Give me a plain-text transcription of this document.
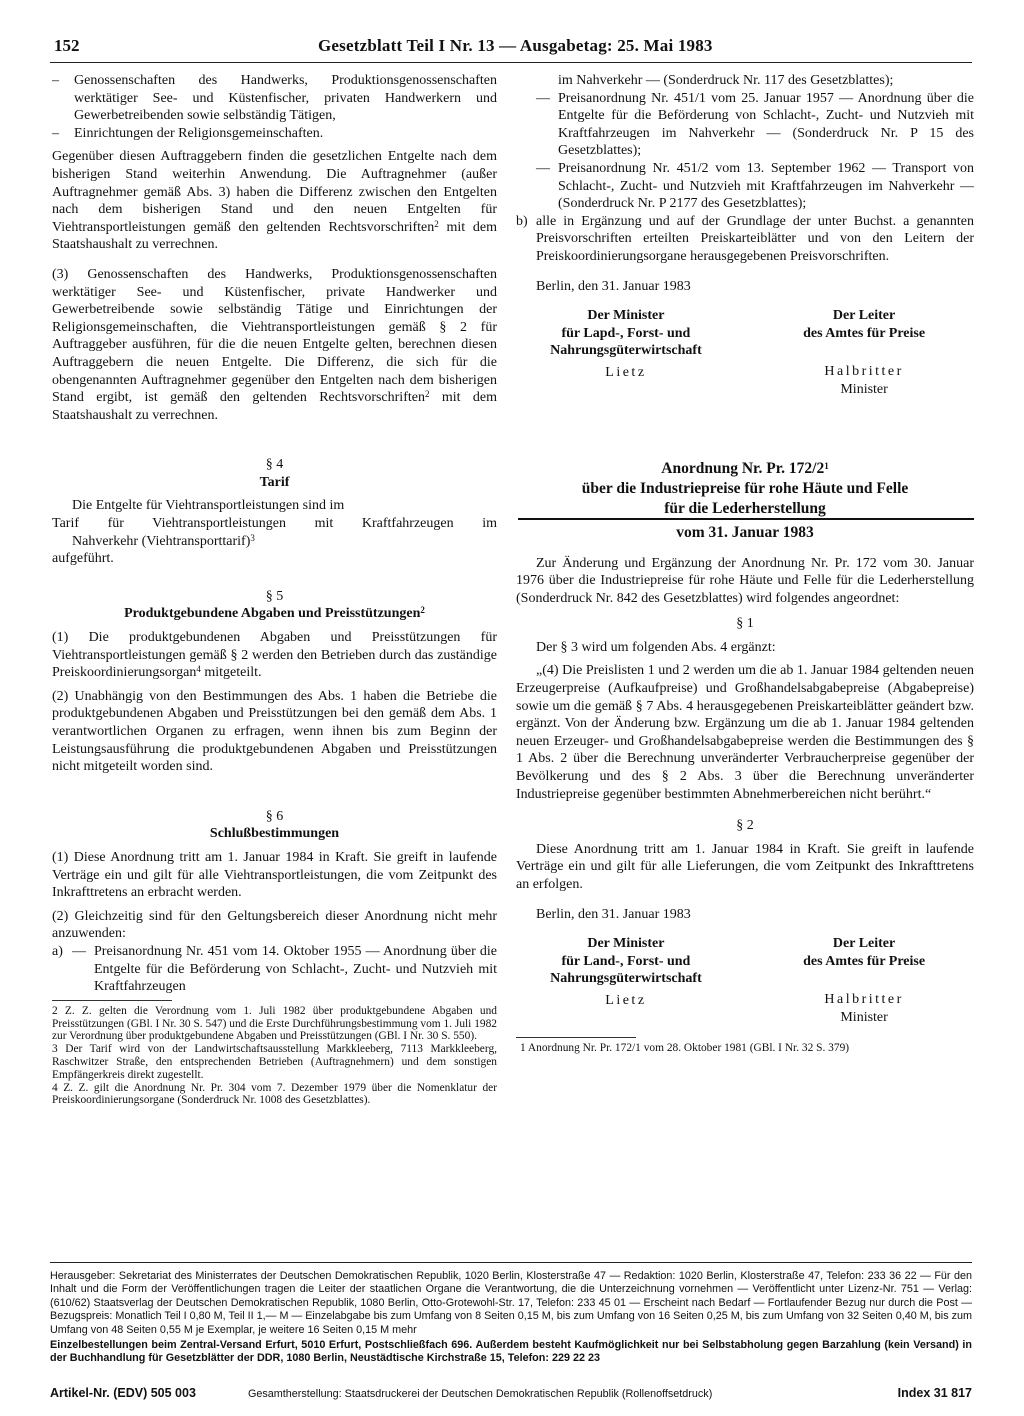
152	Gesetzblatt Teil I Nr. 13 — Ausgabetag: 25. Mai 1983
–	Genossenschaften des Handwerks, Produktionsgenossenschaften werktätiger See- und Küstenfischer, privaten Handwerkern und Gewerbetreibenden sowie selbständig Tätigen,
–	Einrichtungen der Religionsgemeinschaften.

Gegenüber diesen Auftraggebern finden die gesetzlichen Entgelte nach dem bisherigen Stand weiterhin Anwendung. Die Auftragnehmer (außer Auftragnehmer gemäß Abs. 3) haben die Differenz zwischen den Entgelten nach dem bisherigen Stand und den neuen Entgelten für Viehtransportleistungen gemäß den geltenden Rechtsvorschriften$^2$ mit dem Staatshaushalt zu verrechnen.

(3) Genossenschaften des Handwerks, Produktionsgenossenschaften werktätiger See- und Küstenfischer, private Handwerker und Gewerbetreibende sowie selbständig Tätige und Einrichtungen der Religionsgemeinschaften, die Viehtransportleistungen gemäß § 2 für Auftraggeber ausführen, für die die neuen Entgelte gelten, berechnen diesen Auftraggebern die neuen Entgelte. Die Differenz, die sich für die obengenannten Auftragnehmer gegenüber den Entgelten nach dem bisherigen Stand ergibt, ist gemäß den geltenden Rechtsvorschriften$^2$ mit dem Staatshaushalt zu verrechnen.

§ 4
Tarif
Die Entgelte für Viehtransportleistungen sind im
Tarif für Viehtransportleistungen mit Kraftfahrzeugen im
Nahverkehr (Viehtransporttarif)$^3$
aufgeführt.
§ 5
Produktgebundene Abgaben und Preisstützungen$^2$

(1) Die produktgebundenen Abgaben und Preisstützungen für Viehtransportleistungen gemäß § 2 werden den Betrieben durch das zuständige Preiskoordinierungsorgan$^4$ mitgeteilt.

(2) Unabhängig von den Bestimmungen des Abs. 1 haben die Betriebe die produktgebundenen Abgaben und Preisstützungen bei den gemäß dem Abs. 1 verantwortlichen Organen zu erfragen, wenn ihnen bis zum Beginn der Leistungsausführung die produktgebundenen Abgaben und Preisstützungen nicht mitgeteilt worden sind.

§ 6
Schlußbestimmungen

(1) Diese Anordnung tritt am 1. Januar 1984 in Kraft. Sie greift in laufende Verträge ein und gilt für alle Viehtransportleistungen, die vom Zeitpunkt des Inkrafttretens an erbracht werden.

(2) Gleichzeitig sind für den Geltungsbereich dieser Anordnung nicht mehr anzuwenden:

a) — Preisanordnung Nr. 451 vom 14. Oktober 1955 — Anordnung über die Entgelte für die Beförderung von Schlacht-, Zucht- und Nutzvieh mit Kraftfahrzeugen

2 Z. Z. gelten die Verordnung vom 1. Juli 1982 über produktgebundene Abgaben und Preisstützungen (GBl. I Nr. 30 S. 547) und die Erste Durchführungsbestimmung vom 1. Juli 1982 zur Verordnung über produktgebundene Abgaben und Preisstützungen (GBl. I Nr. 30 S. 550).

3 Der Tarif wird von der Landwirtschaftsausstellung Markkleeberg, 7113 Markkleeberg, Raschwitzer Straße, den entsprechenden Betrieben (Auftragnehmern) und dem sonstigen Empfängerkreis direkt zugestellt.

4 Z. Z. gilt die Anordnung Nr. Pr. 304 vom 7. Dezember 1979 über die Nomenklatur der Preiskoordinierungsorgane (Sonderdruck Nr. 1008 des Gesetzblattes).

im Nahverkehr — (Sonderdruck Nr. 117 des Gesetzblattes);
— Preisanordnung Nr. 451/1 vom 25. Januar 1957 — Anordnung über die Entgelte für die Beförderung von Schlacht-, Zucht- und Nutzvieh mit Kraftfahrzeugen im Nahverkehr — (Sonderdruck Nr. P 15 des Gesetzblattes);
— Preisanordnung Nr. 451/2 vom 13. September 1962 — Transport von Schlacht-, Zucht- und Nutzvieh mit Kraftfahrzeugen im Nahverkehr — (Sonderdruck Nr. P 2177 des Gesetzblattes);
b) alle in Ergänzung und auf der Grundlage der unter Buchst. a genannten Preisvorschriften erteilten Preiskarteiblätter und von den Leitern der Preiskoordinierungsorgane herausgegebenen Preisvorschriften.
Berlin, den 31. Januar 1983
Der Minister
für Lapd-, Forst- und
Nahrungsgüterwirtschaft
Lietz
Der Leiter
des Amtes für Preise
Halbritter
Minister
Anordnung Nr. Pr. $172/2^1$
über die Industriepreise für rohe Häute und Felle
für die Lederherstellung
vom 31. Januar 1983

Zur Änderung und Ergänzung der Anordnung Nr. Pr. 172 vom 30. Januar 1976 über die Industriepreise für rohe Häute und Felle für die Lederherstellung (Sonderdruck Nr. 842 des Gesetzblattes) wird folgendes angeordnet:

§ 1

Der § 3 wird um folgenden Abs. 4 ergänzt:

„(4) Die Preislisten 1 und 2 werden um die ab 1. Januar 1984 geltenden neuen Erzeugerpreise (Aufkaufpreise) und Großhandelsabgabepreise (Abgabepreise) sowie um die gemäß § 7 Abs. 4 herausgegebenen Preiskarteiblätter geändert bzw. ergänzt. Von der Änderung bzw. Ergänzung um die ab 1. Januar 1984 geltenden neuen Erzeuger- und Großhandelsabgabepreise werden die Bestimmungen des § 1 Abs. 2 über die Berechnung unveränderter Verbraucherpreise gegenüber der Bevölkerung und des § 2 Abs. 3 über die Berechnung unveränderter Industriepreise gegenüber bestimmten Abnehmerbereichen nicht berührt.“

§ 2

Diese Anordnung tritt am 1. Januar 1984 in Kraft. Sie greift in laufende Verträge ein und gilt für alle Lieferungen, die vom Zeitpunkt des Inkrafttretens an erfolgen.

Berlin, den 31. Januar 1983
Der Minister
für Land-, Forst- und
Nahrungsgüterwirtschaft
Lietz
Der Leiter
des Amtes für Preise
Halbritter
Minister

1 Anordnung Nr. Pr. 172/1 vom 28. Oktober 1981 (GBl. I Nr. 32 S. 379)

Herausgeber: Sekretariat des Ministerrates der Deutschen Demokratischen Republik, 1020 Berlin, Klosterstraße 47 — Redaktion: 1020 Berlin, Klosterstraße 47, Telefon: 233 36 22 — Für den Inhalt und die Form der Veröffentlichungen tragen die Leiter der staatlichen Organe die Verantwortung, die die Unterzeichnung vornehmen — Veröffentlicht unter Lizenz-Nr. 751 — Verlag: (610/62) Staatsverlag der Deutschen Demokratischen Republik, 1080 Berlin, Otto-Grotewohl-Str. 17, Telefon: 233 45 01 — Erscheint nach Bedarf — Fortlaufender Bezug nur durch die Post — Bezugspreis: Monatlich Teil I 0,80 M, Teil II 1,— M — Einzelabgabe bis zum Umfang von 8 Seiten 0,15 M, bis zum Umfang von 16 Seiten 0,25 M, bis zum Umfang von 32 Seiten 0,40 M, bis zum Umfang von 48 Seiten 0,55 M je Exemplar, je weitere 16 Seiten 0,15 M mehr
Einzelbestellungen beim Zentral-Versand Erfurt, 5010 Erfurt, Postschließfach 696. Außerdem besteht Kaufmöglichkeit nur bei Selbstabholung gegen Barzahlung (kein Versand) in der Buchhandlung für Gesetzblätter der DDR, 1080 Berlin, Neustädtische Kirchstraße 15, Telefon: 229 22 23
Artikel-Nr. (EDV) 505 003	Gesamtherstellung: Staatsdruckerei der Deutschen Demokratischen Republik (Rollenoffsetdruck)	Index 31 817
